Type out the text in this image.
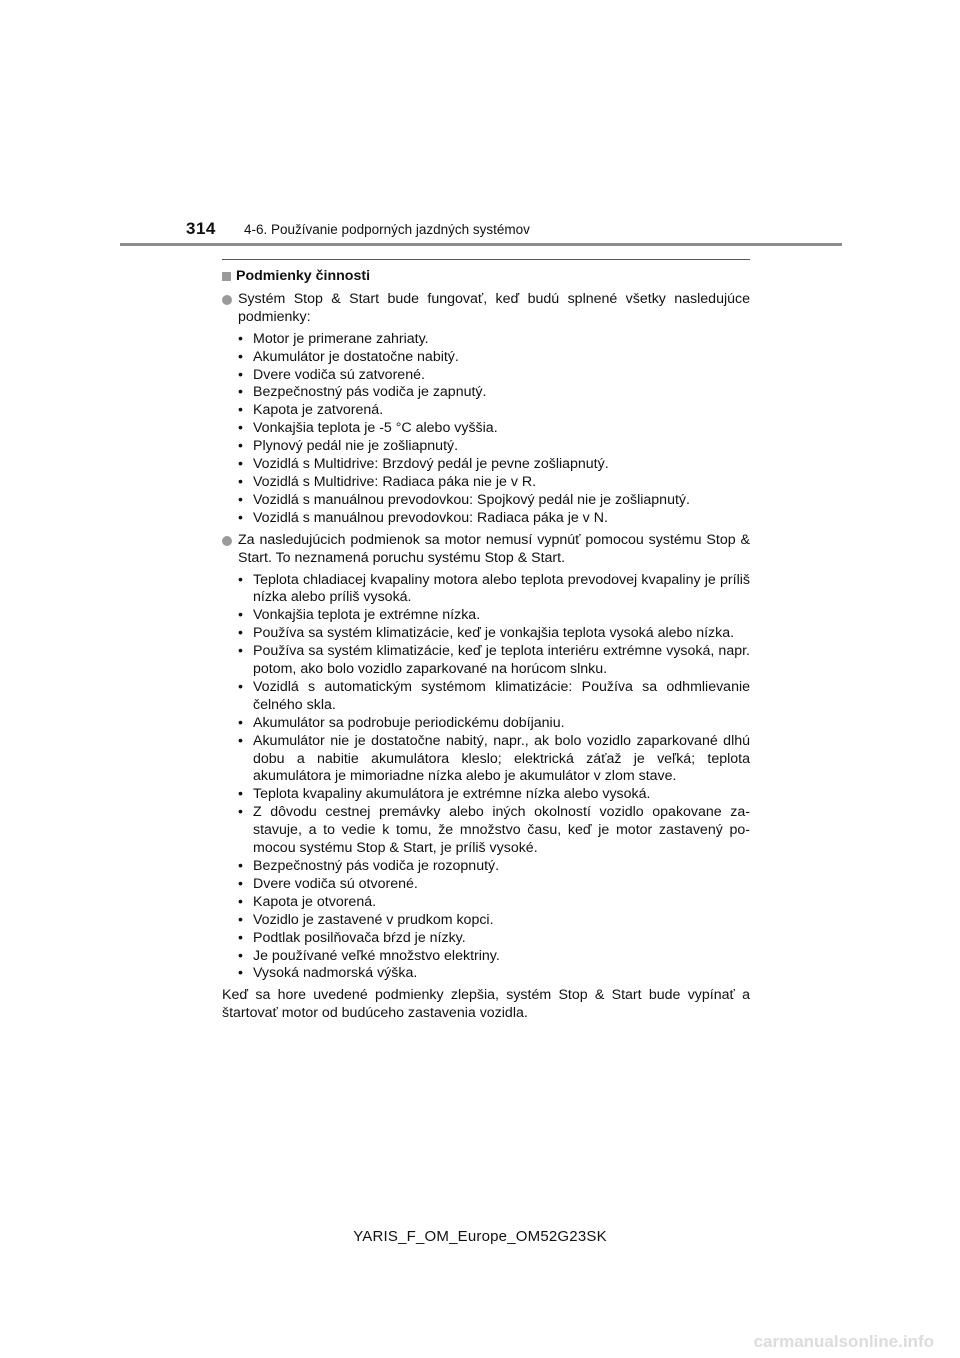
314 4-6. Používanie podporných jazdných systémov
Podmienky činnosti
Systém Stop & Start bude fungovať, keď budú splnené všetky nasledujúce podmienky:
• Motor je primerane zahriaty.
• Akumulátor je dostatočne nabitý.
• Dvere vodiča sú zatvorené.
• Bezpečnostný pás vodiča je zapnutý.
• Kapota je zatvorená.
• Vonkajšia teplota je -5 °C alebo vyššia.
• Plynový pedál nie je zošliapnutý.
• Vozidlá s Multidrive: Brzdový pedál je pevne zošliapnutý.
• Vozidlá s Multidrive: Radiaca páka nie je v R.
• Vozidlá s manuálnou prevodovkou: Spojkový pedál nie je zošliapnutý.
• Vozidlá s manuálnou prevodovkou: Radiaca páka je v N.
Za nasledujúcich podmienok sa motor nemusí vypnúť pomocou systému Stop & Start. To neznamená poruchu systému Stop & Start.
• Teplota chladiacej kvapaliny motora alebo teplota prevodovej kvapaliny je príliš nízka alebo príliš vysoká.
• Vonkajšia teplota je extrémne nízka.
• Používa sa systém klimatizácie, keď je vonkajšia teplota vysoká alebo nízka.
• Používa sa systém klimatizácie, keď je teplota interiéru extrémne vysoká, napr. potom, ako bolo vozidlo zaparkované na horúcom slnku.
• Vozidlá s automatickým systémom klimatizácie: Používa sa odhmlievanie čelného skla.
• Akumulátor sa podrobuje periodickému dobíjaniu.
• Akumulátor nie je dostatočne nabitý, napr., ak bolo vozidlo zaparkované dlhú dobu a nabitie akumulátora kleslo; elektrická záťaž je veľká; teplota akumulátora je mimoriadne nízka alebo je akumulátor v zlom stave.
• Teplota kvapaliny akumulátora je extrémne nízka alebo vysoká.
• Z dôvodu cestnej premávky alebo iných okolností vozidlo opakovane za-stavuje, a to vedie k tomu, že množstvo času, keď je motor zastavený po-mocou systému Stop & Start, je príliš vysoké.
• Bezpečnostný pás vodiča je rozopnutý.
• Dvere vodiča sú otvorené.
• Kapota je otvorená.
• Vozidlo je zastavené v prudkom kopci.
• Podtlak posilňovača bŕzd je nízky.
• Je používané veľké množstvo elektriny.
• Vysoká nadmorská výška.

Keď sa hore uvedené podmienky zlepšia, systém Stop & Start bude vypínať a štartovať motor od budúceho zastavenia vozidla.

YARIS_F_OM_Europe_OM52G23SK
carmanualsonline.info
